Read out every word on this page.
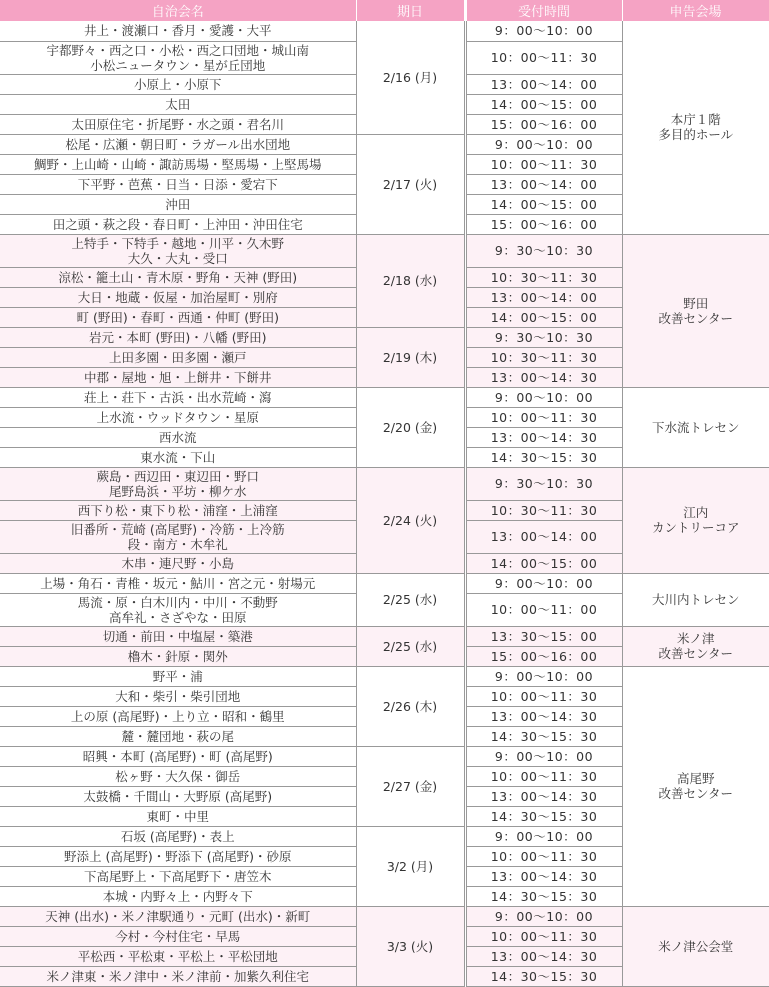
自治会名	期日		受付時間	申告会場
井上・渡瀬口・香月・愛護・大平	2/16 (月)		9：00～10：00	本庁１階
多目的ホール
宇都野々・西之口・小松・西之口団地・城山南
小松ニュータウン・星が丘団地			10：00～11：30	
小原上・小原下			13：00～14：00	
太田			14：00～15：00	
太田原住宅・折尾野・水之頭・君名川			15：00～16：00	
松尾・広瀬・朝日町・ラガール出水団地	2/17 (火)		9：00～10：00	
鯛野・上山崎・山崎・諏訪馬場・堅馬場・上堅馬場			10：00～11：30	
下平野・芭蕉・日当・日添・愛宕下			13：00～14：00	
沖田			14：00～15：00	
田之頭・萩之段・春日町・上沖田・沖田住宅			15：00～16：00	
上特手・下特手・越地・川平・久木野
大久・大丸・受口	2/18 (水)		9：30～10：30	野田
改善センター
涼松・籠土山・青木原・野角・天神 (野田)			10：30～11：30	
大日・地蔵・仮屋・加治屋町・別府			13：00～14：00	
町 (野田)・春町・西通・仲町 (野田)			14：00～15：00	
岩元・本町 (野田)・八幡 (野田)	2/19 (木)		9：30～10：30	
上田多園・田多園・瀬戸			10：30～11：30	
中郡・屋地・旭・上餅井・下餅井			13：00～14：30	
荘上・荘下・古浜・出水荒崎・瀉	2/20 (金)		9：00～10：00	下水流トレセン
上水流・ウッドタウン・星原			10：00～11：30	
西水流			13：00～14：30	
東水流・下山			14：30～15：30	
蕨島・西辺田・東辺田・野口
尾野島浜・平坊・柳ケ水	2/24 (火)		9：30～10：30	江内
カントリーコア
西下り松・東下り松・浦窪・上浦窪			10：30～11：30	
旧番所・荒崎 (高尾野)・冷筋・上冷筋
段・南方・木牟礼			13：00～14：00	
木串・連尺野・小島			14：00～15：00	
上場・角石・青椎・坂元・鮎川・宮之元・射場元	2/25 (水)		9：00～10：00	大川内トレセン
馬流・原・白木川内・中川・不動野
高牟礼・さざやな・田原			10：00～11：00	
切通・前田・中塩屋・築港	2/25 (水)		13：30～15：00	米ノ津
改善センター
櫓木・針原・関外			15：00～16：00	
野平・浦	2/26 (木)		9：00～10：00	高尾野
改善センター
大和・柴引・柴引団地			10：00～11：30	
上の原 (高尾野)・上り立・昭和・鶴里			13：00～14：30	
麓・麓団地・萩の尾			14：30～15：30	
昭興・本町 (高尾野)・町 (高尾野)	2/27 (金)		9：00～10：00	
松ヶ野・大久保・御岳			10：00～11：30	
太鼓橋・千間山・大野原 (高尾野)			13：00～14：30	
東町・中里			14：30～15：30	
石坂 (高尾野)・表上	3/2 (月)		9：00～10：00	
野添上 (高尾野)・野添下 (高尾野)・砂原			10：00～11：30	
下高尾野上・下高尾野下・唐笠木			13：00～14：30	
本城・内野々上・内野々下			14：30～15：30	
天神 (出水)・米ノ津駅通り・元町 (出水)・新町	3/3 (火)		9：00～10：00	米ノ津公会堂
今村・今村住宅・早馬			10：00～11：30	
平松西・平松東・平松上・平松団地			13：00～14：30	
米ノ津東・米ノ津中・米ノ津前・加紫久利住宅			14：30～15：30	
